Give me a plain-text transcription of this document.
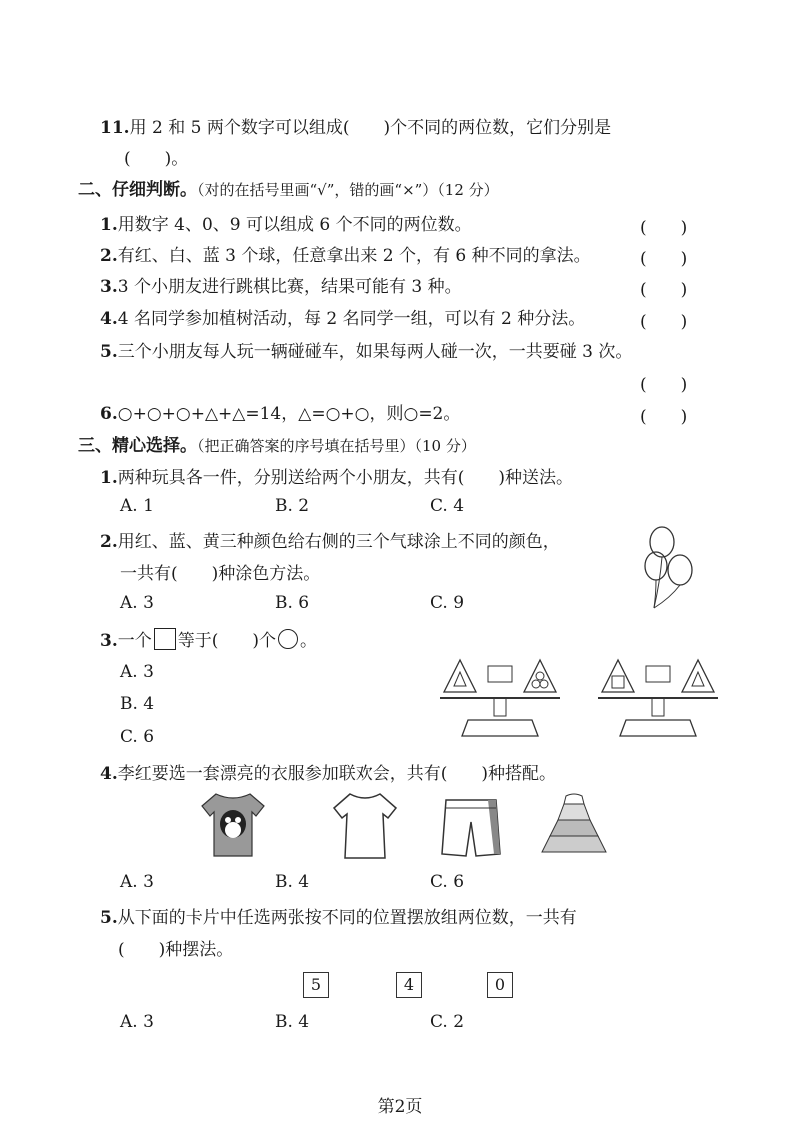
11.用 2 和 5 两个数字可以组成(　　)个不同的两位数，它们分别是
(　　)。
二、仔细判断。（对的在括号里画“√”，错的画“×”）（12 分）
1.用数字 4、0、9 可以组成 6 个不同的两位数。	(　　)
2.有红、白、蓝 3 个球，任意拿出来 2 个，有 6 种不同的拿法。	(　　)
3.3 个小朋友进行跳棋比赛，结果可能有 3 种。	(　　)
4.4 名同学参加植树活动，每 2 名同学一组，可以有 2 种分法。	(　　)
5.三个小朋友每人玩一辆碰碰车，如果每两人碰一次，一共要碰 3 次。
(　　)
6.○+○+○+△+△=14，△=○+○，则○=2。	(　　)
三、精心选择。（把正确答案的序号填在括号里）（10 分）
1.两种玩具各一件，分别送给两个小朋友，共有(　　)种送法。
A. 1	B. 2	C. 4
2.用红、蓝、黄三种颜色给右侧的三个气球涂上不同的颜色，
一共有(　　)种涂色方法。
A. 3	B. 6	C. 9
3.一个 等于(　　)个 。
A. 3
B. 4
C. 6
4.李红要选一套漂亮的衣服参加联欢会，共有(　　)种搭配。
A. 3	B. 4	C. 6
5.从下面的卡片中任选两张按不同的位置摆放组两位数，一共有
(　　)种摆法。
5	4	0
A. 3	B. 4	C. 2
第2页
